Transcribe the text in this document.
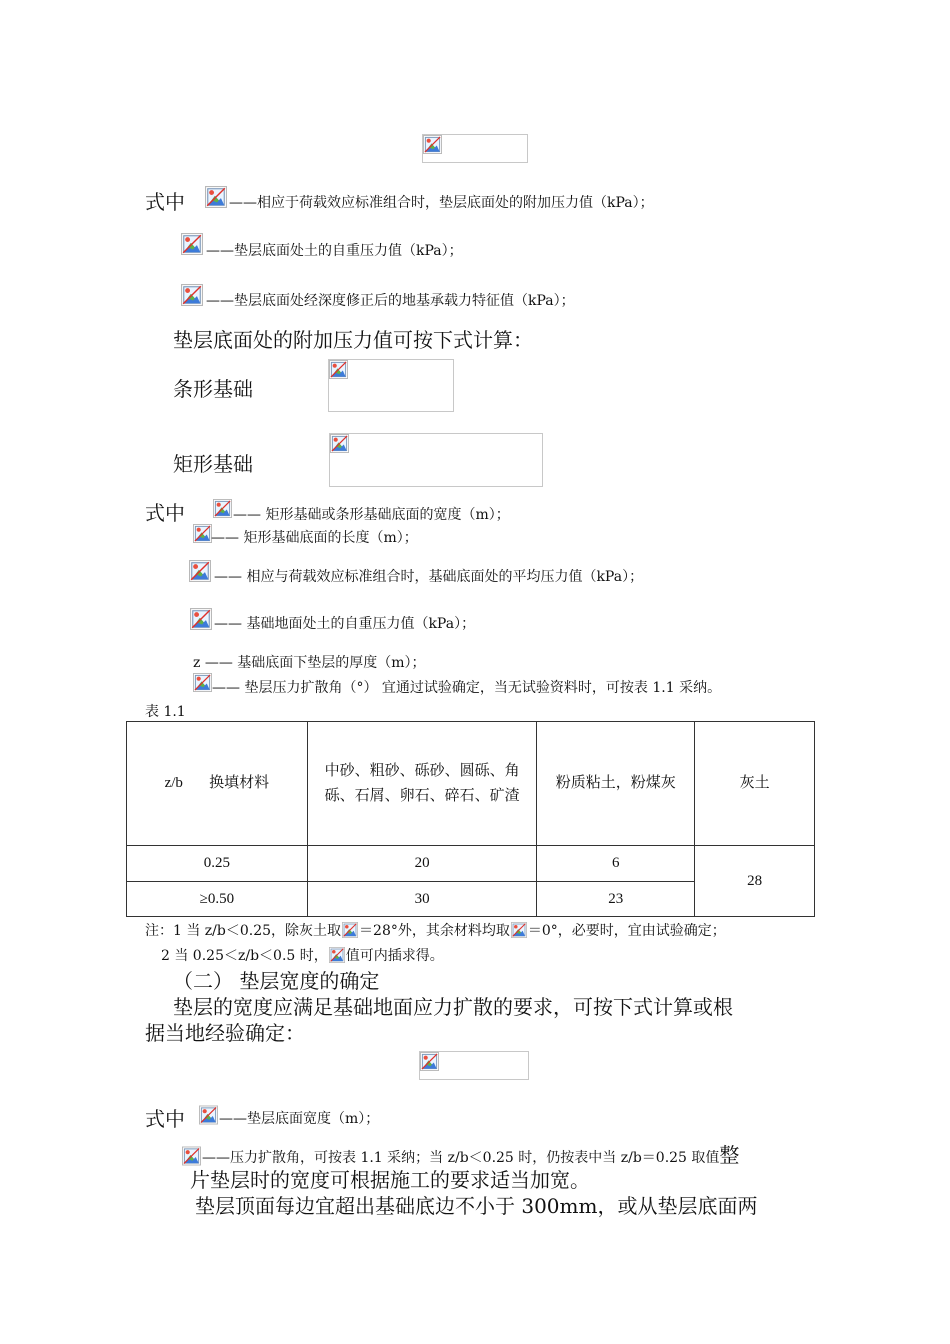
式中	——相应于荷载效应标准组合时，垫层底面处的附加压力值（kPa）；
——垫层底面处土的自重压力值（kPa）；
——垫层底面处经深度修正后的地基承载力特征值（kPa）；
垫层底面处的附加压力值可按下式计算：
条形基础
矩形基础
式中	—— 矩形基础或条形基础底面的宽度（m）；
—— 矩形基础底面的长度（m）；
—— 相应与荷载效应标准组合时，基础底面处的平均压力值（kPa）；
—— 基础地面处土的自重压力值（kPa）；
z —— 基础底面下垫层的厚度（m）；
—— 垫层压力扩散角（°） 宜通过试验确定，当无试验资料时，可按表 1.1 采纳。
表 1.1
z/b 换填材料	中砂、粗砂、砾砂、圆砾、角砾、石屑、卵石、碎石、矿渣	粉质粘土，粉煤灰	灰土
0.25	20	6	28
≥0.50	30	23	
注：1 当 z/b＜0.25，除灰土取 ＝28°外，其余材料均取 ＝0°，必要时，宜由试验确定；
2 当 0.25＜z/b＜0.5 时， 值可内插求得。
（二） 垫层宽度的确定
垫层的宽度应满足基础地面应力扩散的要求，可按下式计算或根
据当地经验确定：
式中 ——垫层底面宽度（m）；
——压力扩散角，可按表 1.1 采纳；当 z/b＜0.25 时，仍按表中当 z/b＝0.25 取值整
片垫层时的宽度可根据施工的要求适当加宽。
垫层顶面每边宜超出基础底边不小于 300mm，或从垫层底面两
